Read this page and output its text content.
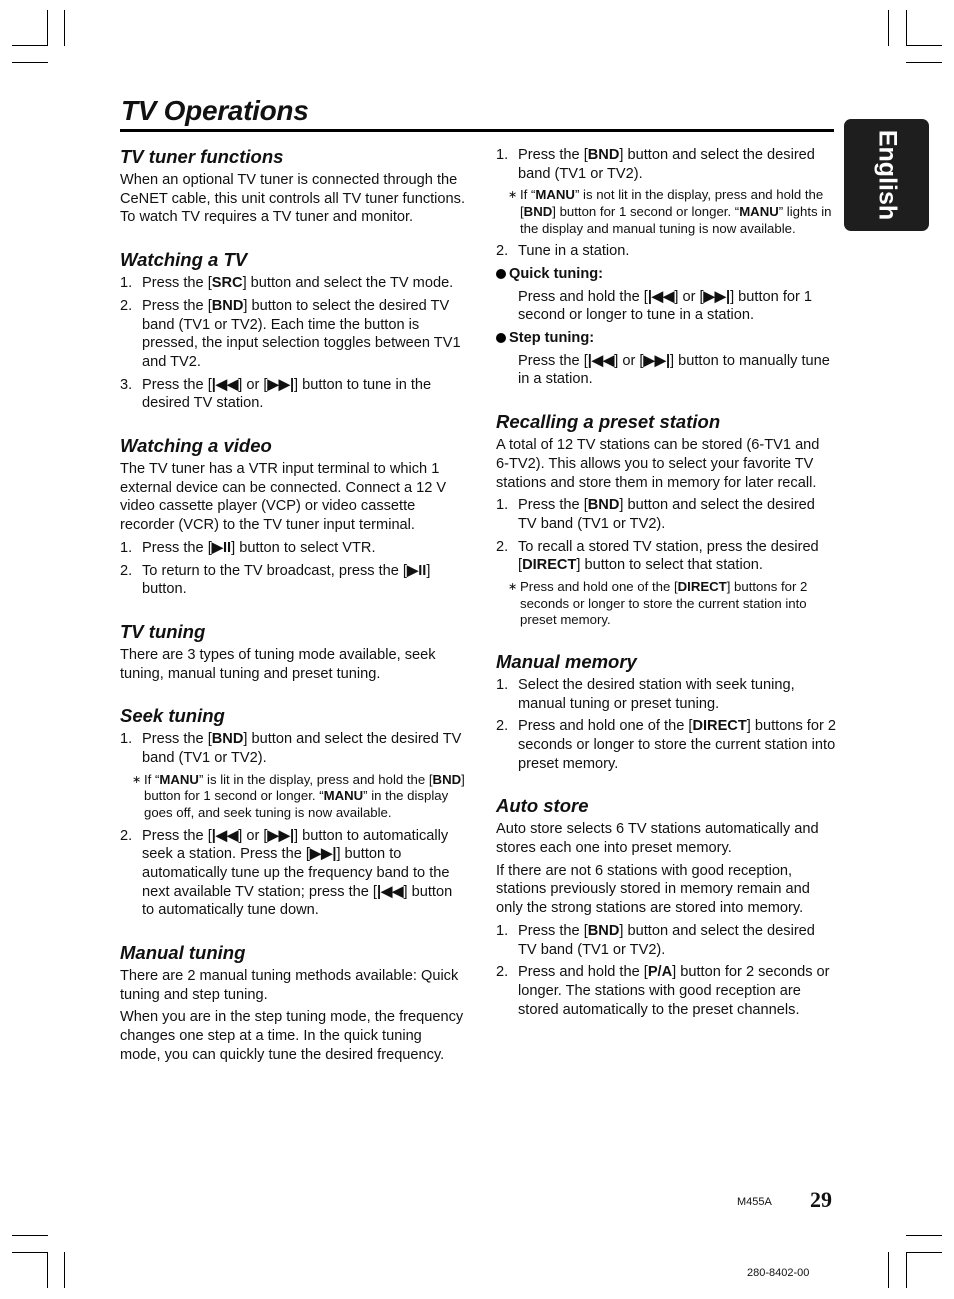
TV Operations
English
TV tuner functions

When an optional TV tuner is connected through the CeNET cable, this unit controls all TV tuner functions. To watch TV requires a TV tuner and monitor.

Watching a TV
1. Press the [SRC] button and select the TV mode.
2. Press the [BND] button to select the desired TV band (TV1 or TV2). Each time the button is pressed, the input selection toggles between TV1 and TV2.
3. Press the [|◀◀] or [▶▶|] button to tune in the desired TV station.
Watching a video

The TV tuner has a VTR input terminal to which 1 external device can be connected. Connect a 12 V video cassette player (VCP) or video cassette recorder (VCR) to the TV tuner input terminal.

1. Press the [▶II] button to select VTR.
2. To return to the TV broadcast, press the [▶II] button.
TV tuning

There are 3 types of tuning mode available, seek tuning, manual tuning and preset tuning.

Seek tuning
1. Press the [BND] button and select the desired TV band (TV1 or TV2).
∗ If “MANU” is lit in the display, press and hold the [BND] button for 1 second or longer. “MANU” in the display goes off, and seek tuning is now available.
2. Press the [|◀◀] or [▶▶|] button to automatically seek a station. Press the [▶▶|] button to automatically tune up the frequency band to the next available TV station; press the [|◀◀] button to automatically tune down.
Manual tuning

There are 2 manual tuning methods available: Quick tuning and step tuning.

When you are in the step tuning mode, the frequency changes one step at a time. In the quick tuning mode, you can quickly tune the desired frequency.

1. Press the [BND] button and select the desired band (TV1 or TV2).
∗ If “MANU” is not lit in the display, press and hold the [BND] button for 1 second or longer. “MANU” lights in the display and manual tuning is now available.
2. Tune in a station.

Quick tuning:

Press and hold the [|◀◀] or [▶▶|] button for 1 second or longer to tune in a station.

Step tuning:

Press the [|◀◀] or [▶▶|] button to manually tune in a station.

Recalling a preset station

A total of 12 TV stations can be stored (6-TV1 and 6-TV2). This allows you to select your favorite TV stations and store them in memory for later recall.

1. Press the [BND] button and select the desired TV band (TV1 or TV2).
2. To recall a stored TV station, press the desired [DIRECT] button to select that station.
∗ Press and hold one of the [DIRECT] buttons for 2 seconds or longer to store the current station into preset memory.
Manual memory
1. Select the desired station with seek tuning, manual tuning or preset tuning.
2. Press and hold one of the [DIRECT] buttons for 2 seconds or longer to store the current station into preset memory.
Auto store

Auto store selects 6 TV stations automatically and stores each one into preset memory.

If there are not 6 stations with good reception, stations previously stored in memory remain and only the strong stations are stored into memory.

1. Press the [BND] button and select the desired TV band (TV1 or TV2).
2. Press and hold the [P/A] button for 2 seconds or longer. The stations with good reception are stored automatically to the preset channels.
M455A 29
280-8402-00
